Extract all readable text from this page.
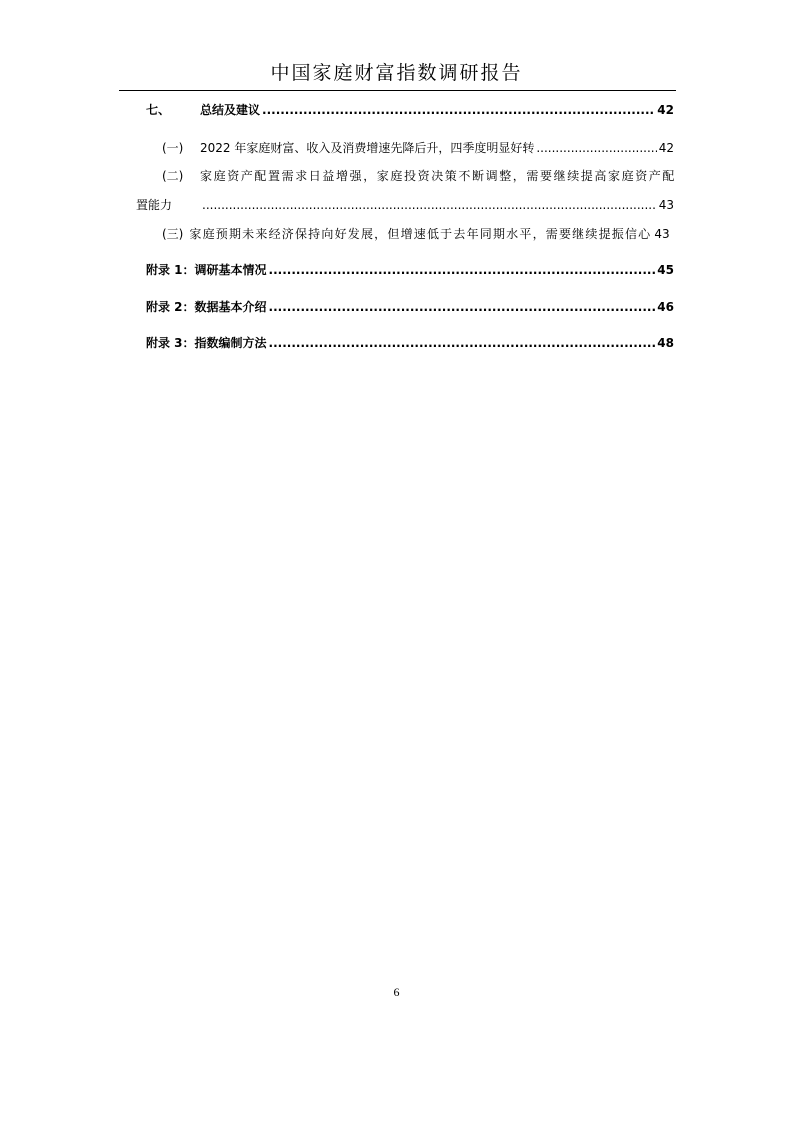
中国家庭财富指数调研报告
七、	总结及建议 .....	42
(一)	2022 年家庭财富、收入及消费增速先降后升，四季度明显好转 .....	42
(二)	家庭资产配置需求日益增强，家庭投资决策不断调整，需要继续提高家庭资产配
置能力 .....	43
(三) 家庭预期未来经济保持向好发展，但增速低于去年同期水平，需要继续提振信心 43
附录 1：调研基本情况 .....	45
附录 2：数据基本介绍 .....	46
附录 3：指数编制方法 .....	48
6
